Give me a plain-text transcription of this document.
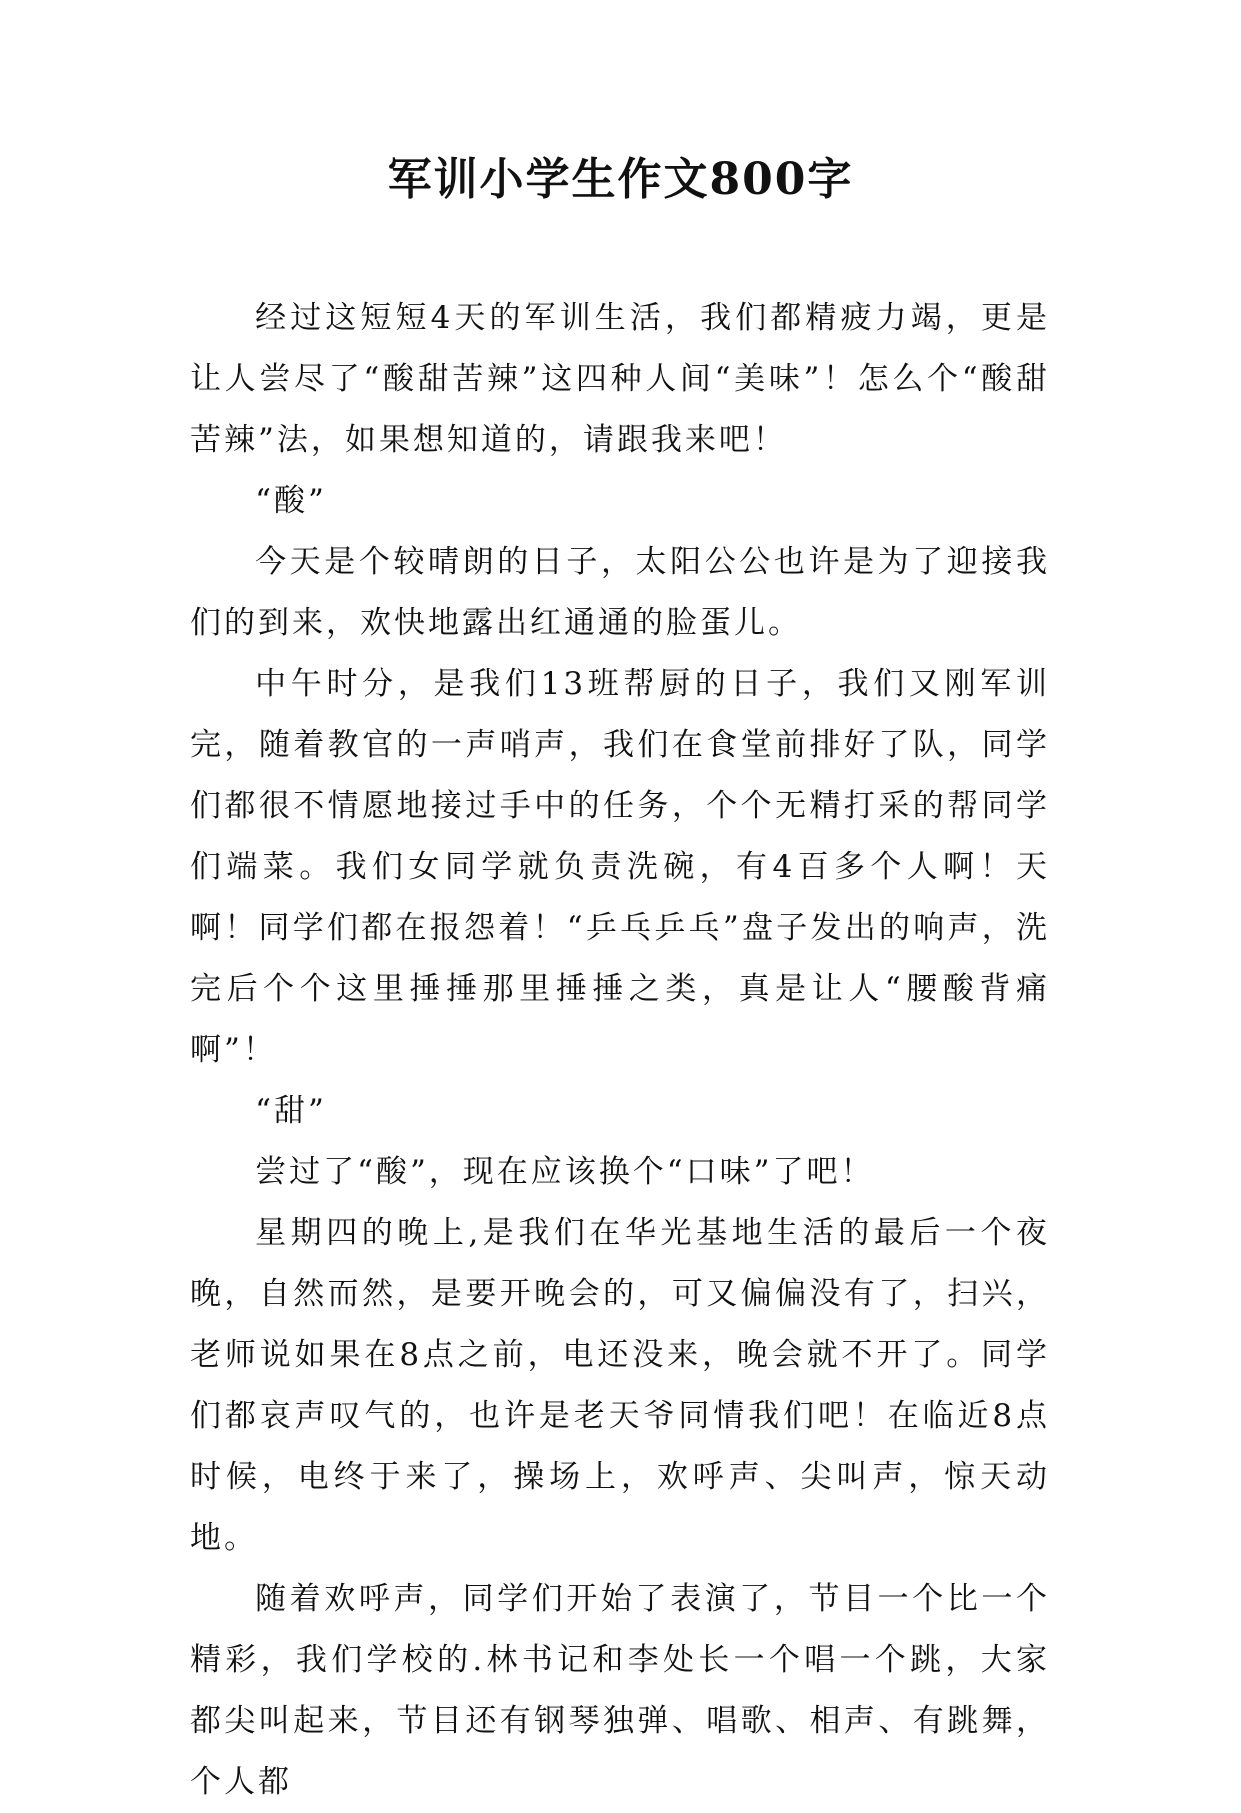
军训小学生作文800字

经过这短短4天的军训生活，我们都精疲力竭，更是让人尝尽了“酸甜苦辣”这四种人间“美味”！怎么个“酸甜苦辣”法，如果想知道的，请跟我来吧！

“酸”

今天是个较晴朗的日子，太阳公公也许是为了迎接我们的到来，欢快地露出红通通的脸蛋儿。

中午时分，是我们13班帮厨的日子，我们又刚军训完，随着教官的一声哨声，我们在食堂前排好了队，同学们都很不情愿地接过手中的任务，个个无精打采的帮同学们端菜。我们女同学就负责洗碗，有4百多个人啊！天啊！同学们都在报怨着！“乒乓乒乓”盘子发出的响声，洗完后个个这里捶捶那里捶捶之类，真是让人“腰酸背痛啊”！

“甜”

尝过了“酸”，现在应该换个“口味”了吧！

星期四的晚上,是我们在华光基地生活的最后一个夜晚，自然而然，是要开晚会的，可又偏偏没有了，扫兴，老师说如果在8点之前，电还没来，晚会就不开了。同学们都哀声叹气的，也许是老天爷同情我们吧！在临近8点时候，电终于来了，操场上，欢呼声、尖叫声，惊天动地。

随着欢呼声，同学们开始了表演了，节目一个比一个精彩，我们学校的.林书记和李处长一个唱一个跳，大家都尖叫起来，节目还有钢琴独弹、唱歌、相声、有跳舞，个人都
